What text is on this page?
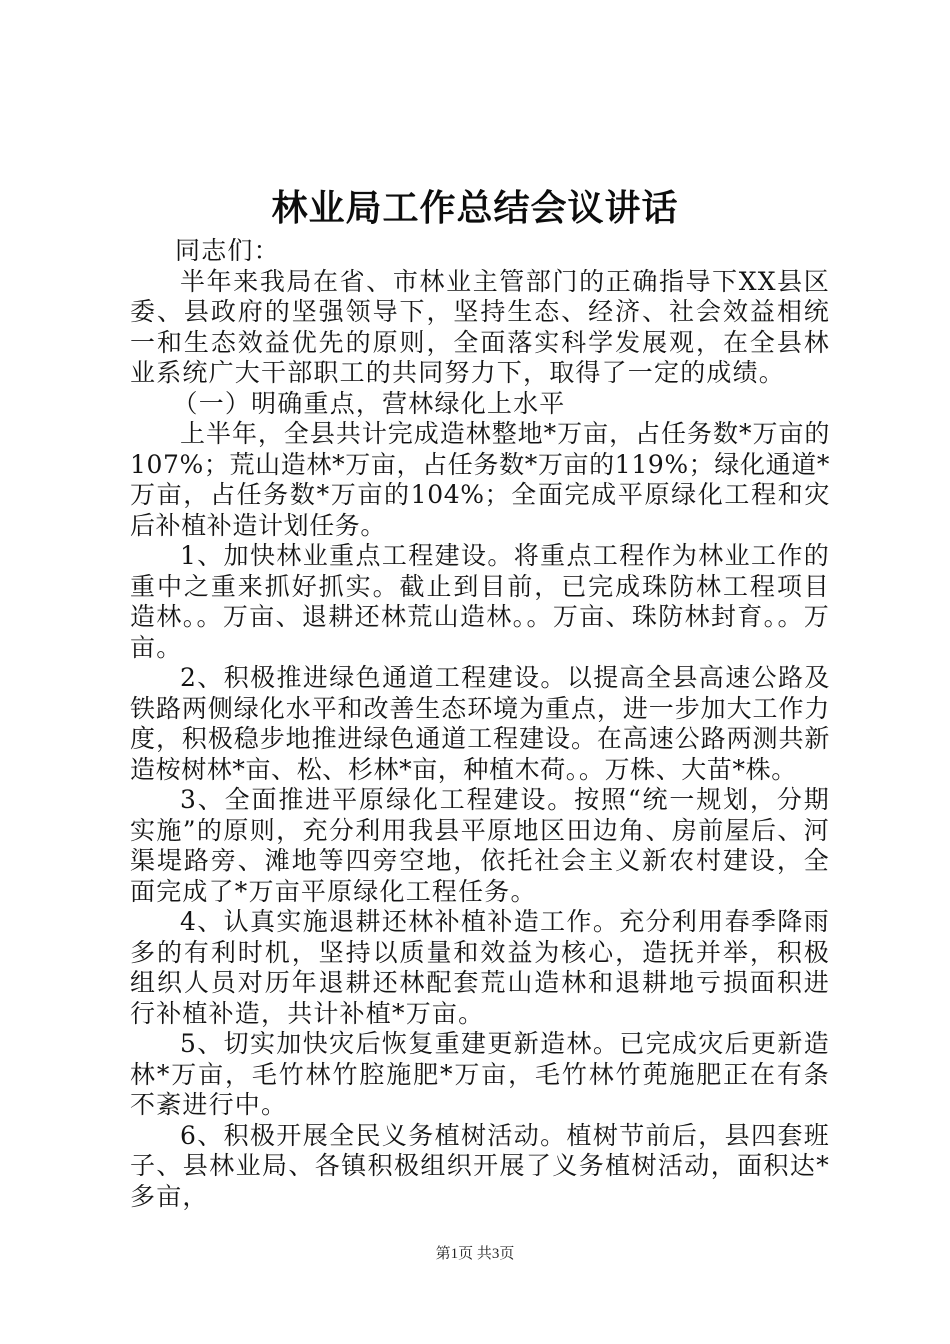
林业局工作总结会议讲话

同志们：

半年来我局在省、市林业主管部门的正确指导下XX县区委、县政府的坚强领导下，坚持生态、经济、社会效益相统一和生态效益优先的原则，全面落实科学发展观，在全县林业系统广大干部职工的共同努力下，取得了一定的成绩。

（一）明确重点，营林绿化上水平

上半年，全县共计完成造林整地*万亩，占任务数*万亩的107%；荒山造林*万亩，占任务数*万亩的119%；绿化通道*万亩，占任务数*万亩的104%；全面完成平原绿化工程和灾后补植补造计划任务。

1、加快林业重点工程建设。将重点工程作为林业工作的重中之重来抓好抓实。截止到目前，已完成珠防林工程项目造林。。万亩、退耕还林荒山造林。。万亩、珠防林封育。。万亩。

2、积极推进绿色通道工程建设。以提高全县高速公路及铁路两侧绿化水平和改善生态环境为重点，进一步加大工作力度，积极稳步地推进绿色通道工程建设。在高速公路两测共新造桉树林*亩、松、杉林*亩，种植木荷。。万株、大苗*株。

3、全面推进平原绿化工程建设。按照“统一规划，分期实施”的原则，充分利用我县平原地区田边角、房前屋后、河渠堤路旁、滩地等四旁空地，依托社会主义新农村建设，全面完成了*万亩平原绿化工程任务。

4、认真实施退耕还林补植补造工作。充分利用春季降雨多的有利时机，坚持以质量和效益为核心，造抚并举，积极组织人员对历年退耕还林配套荒山造林和退耕地亏损面积进行补植补造，共计补植*万亩。

5、切实加快灾后恢复重建更新造林。已完成灾后更新造林*万亩，毛竹林竹腔施肥*万亩，毛竹林竹蔸施肥正在有条不紊进行中。

6、积极开展全民义务植树活动。植树节前后，县四套班子、县林业局、各镇积极组织开展了义务植树活动，面积达*多亩，

第1页 共3页
